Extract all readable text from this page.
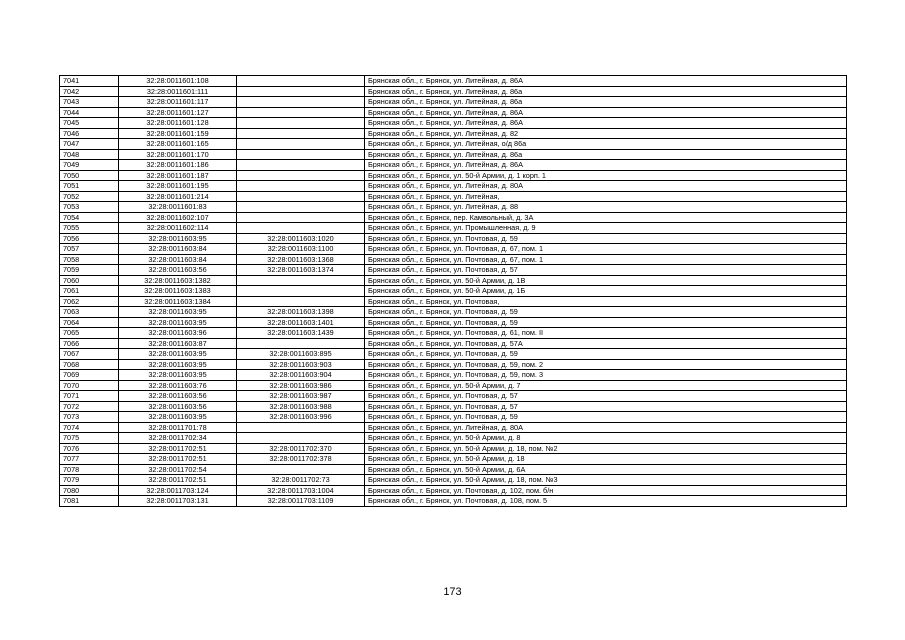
7041	32:28:0011601:108		Брянская обл., г. Брянск, ул. Литейная, д. 86А
7042	32:28:0011601:111		Брянская обл., г. Брянск, ул. Литейная, д. 86а
7043	32:28:0011601:117		Брянская обл., г. Брянск, ул. Литейная, д. 86а
7044	32:28:0011601:127		Брянская обл., г. Брянск, ул. Литейная, д. 86А
7045	32:28:0011601:128		Брянская обл., г. Брянск, ул. Литейная, д. 86А
7046	32:28:0011601:159		Брянская обл., г. Брянск, ул. Литейная, д. 82
7047	32:28:0011601:165		Брянская обл., г. Брянск, ул. Литейная, о/д 86а
7048	32:28:0011601:170		Брянская обл., г. Брянск, ул. Литейная, д. 86а
7049	32:28:0011601:186		Брянская обл., г. Брянск, ул. Литейная, д. 86А
7050	32:28:0011601:187		Брянская обл., г. Брянск, ул. 50-й Армии, д. 1 корп. 1
7051	32:28:0011601:195		Брянская обл., г. Брянск, ул. Литейная, д. 80А
7052	32:28:0011601:214		Брянская обл., г. Брянск, ул. Литейная,
7053	32:28:0011601:83		Брянская обл., г. Брянск, ул. Литейная, д. 88
7054	32:28:0011602:107		Брянская обл., г. Брянск, пер. Камвольный, д. 3А
7055	32:28:0011602:114		Брянская обл., г. Брянск, ул. Промышленная, д. 9
7056	32:28:0011603:95	32:28:0011603:1020	Брянская обл., г. Брянск, ул. Почтовая, д. 59
7057	32:28:0011603:84	32:28:0011603:1100	Брянская обл., г. Брянск, ул. Почтовая, д. 67, пом. 1
7058	32:28:0011603:84	32:28:0011603:1368	Брянская обл., г. Брянск, ул. Почтовая, д. 67, пом. 1
7059	32:28:0011603:56	32:28:0011603:1374	Брянская обл., г. Брянск, ул. Почтовая, д. 57
7060	32:28:0011603:1382		Брянская обл., г. Брянск, ул. 50-й Армии, д. 1В
7061	32:28:0011603:1383		Брянская обл., г. Брянск, ул. 50-й Армии, д. 1Б
7062	32:28:0011603:1384		Брянская обл., г. Брянск, ул. Почтовая,
7063	32:28:0011603:95	32:28:0011603:1398	Брянская обл., г. Брянск, ул. Почтовая, д. 59
7064	32:28:0011603:95	32:28:0011603:1401	Брянская обл., г. Брянск, ул. Почтовая, д. 59
7065	32:28:0011603:96	32:28:0011603:1439	Брянская обл., г. Брянск, ул. Почтовая, д. 61, пом. II
7066	32:28:0011603:87		Брянская обл., г. Брянск, ул. Почтовая, д. 57А
7067	32:28:0011603:95	32:28:0011603:895	Брянская обл., г. Брянск, ул. Почтовая, д. 59
7068	32:28:0011603:95	32:28:0011603:903	Брянская обл., г. Брянск, ул. Почтовая, д. 59, пом. 2
7069	32:28:0011603:95	32:28:0011603:904	Брянская обл., г. Брянск, ул. Почтовая, д. 59, пом. 3
7070	32:28:0011603:76	32:28:0011603:986	Брянская обл., г. Брянск, ул. 50-й Армии, д. 7
7071	32:28:0011603:56	32:28:0011603:987	Брянская обл., г. Брянск, ул. Почтовая, д. 57
7072	32:28:0011603:56	32:28:0011603:988	Брянская обл., г. Брянск, ул. Почтовая, д. 57
7073	32:28:0011603:95	32:28:0011603:996	Брянская обл., г. Брянск, ул. Почтовая, д. 59
7074	32:28:0011701:78		Брянская обл., г. Брянск, ул. Литейная, д. 80А
7075	32:28:0011702:34		Брянская обл., г. Брянск, ул. 50-й Армии, д. 8
7076	32:28:0011702:51	32:28:0011702:370	Брянская обл., г. Брянск, ул. 50-й Армии, д. 18, пом. №2
7077	32:28:0011702:51	32:28:0011702:378	Брянская обл., г. Брянск, ул. 50-й Армии, д. 18
7078	32:28:0011702:54		Брянская обл., г. Брянск, ул. 50-й Армии, д. 6А
7079	32:28:0011702:51	32:28:0011702:73	Брянская обл., г. Брянск, ул. 50-й Армии, д. 18, пом. №3
7080	32:28:0011703:124	32:28:0011703:1004	Брянская обл., г. Брянск, ул. Почтовая, д. 102, пом. б/н
7081	32:28:0011703:131	32:28:0011703:1109	Брянская обл., г. Брянск, ул. Почтовая, д. 108, пом. 5
173
